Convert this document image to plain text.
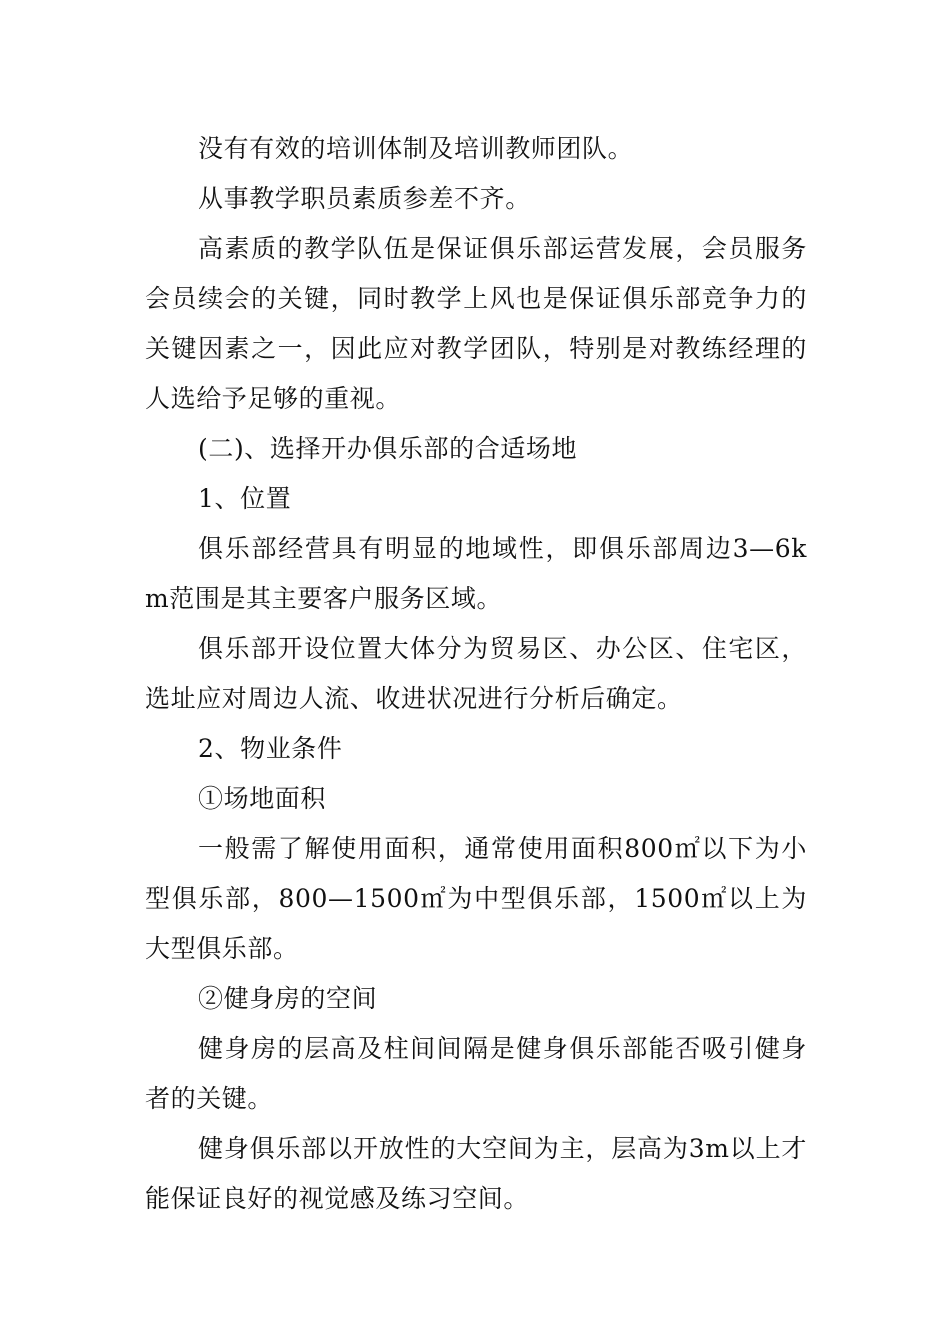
没有有效的培训体制及培训教师团队。

从事教学职员素质参差不齐。

高素质的教学队伍是保证俱乐部运营发展，会员服务会员续会的关键，同时教学上风也是保证俱乐部竞争力的关键因素之一，因此应对教学团队，特别是对教练经理的人选给予足够的重视。

(二)、选择开办俱乐部的合适场地

1、位置

俱乐部经营具有明显的地域性，即俱乐部周边3—6km范围是其主要客户服务区域。

俱乐部开设位置大体分为贸易区、办公区、住宅区，选址应对周边人流、收进状况进行分析后确定。

2、物业条件

①场地面积

一般需了解使用面积，通常使用面积800㎡以下为小型俱乐部，800—1500㎡为中型俱乐部，1500㎡以上为大型俱乐部。

②健身房的空间

健身房的层高及柱间间隔是健身俱乐部能否吸引健身者的关键。

健身俱乐部以开放性的大空间为主，层高为3m以上才能保证良好的视觉感及练习空间。
